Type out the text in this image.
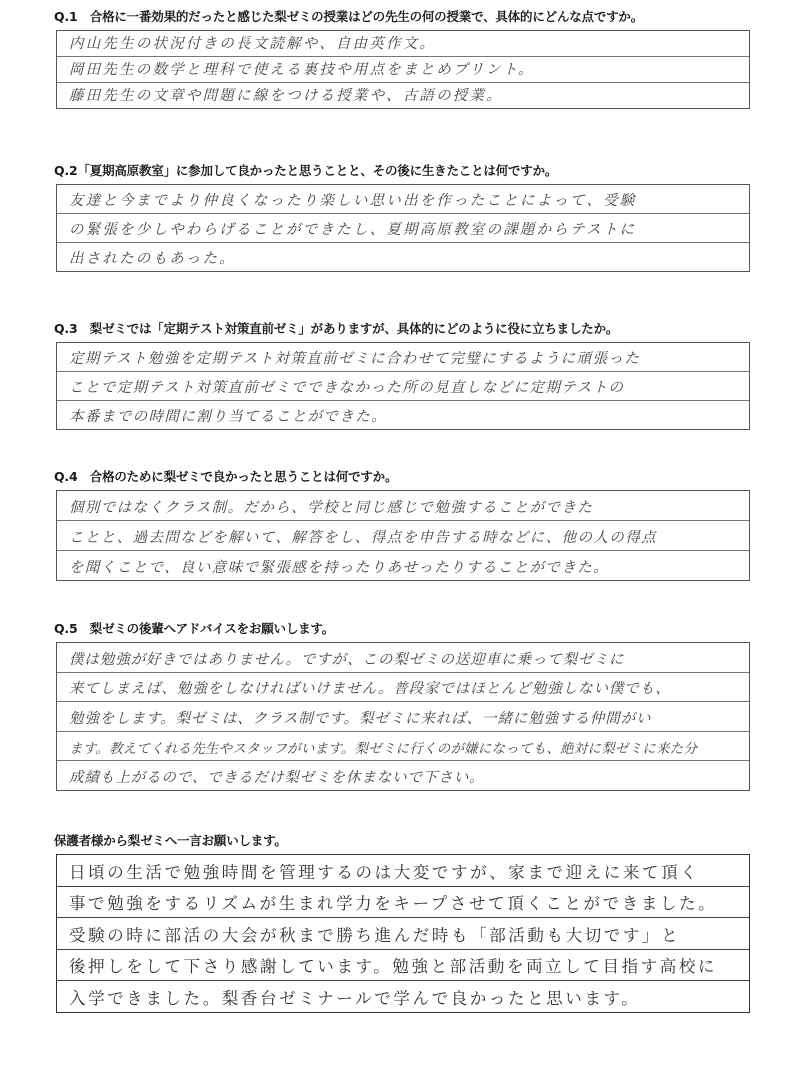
Q.1　合格に一番効果的だったと感じた梨ゼミの授業はどの先生の何の授業で、具体的にどんな点ですか。
内山先生の状況付きの長文読解や、自由英作文。
岡田先生の数学と理科で使える裏技や用点をまとめプリント。
藤田先生の文章や問題に線をつける授業や、古語の授業。
Q.2「夏期高原教室」に参加して良かったと思うことと、その後に生きたことは何ですか。
友達と今までより仲良くなったり楽しい思い出を作ったことによって、受験
の緊張を少しやわらげることができたし、夏期高原教室の課題からテストに
出されたのもあった。
Q.3　梨ゼミでは「定期テスト対策直前ゼミ」がありますが、具体的にどのように役に立ちましたか。
定期テスト勉強を定期テスト対策直前ゼミに合わせて完璧にするように頑張った
ことで定期テスト対策直前ゼミでできなかった所の見直しなどに定期テストの
本番までの時間に割り当てることができた。
Q.4　合格のために梨ゼミで良かったと思うことは何ですか。
個別ではなくクラス制。だから、学校と同じ感じで勉強することができた
ことと、過去問などを解いて、解答をし、得点を申告する時などに、他の人の得点
を聞くことで、良い意味で緊張感を持ったりあせったりすることができた。
Q.5　梨ゼミの後輩へアドバイスをお願いします。
僕は勉強が好きではありません。ですが、この梨ゼミの送迎車に乗って梨ゼミに
来てしまえば、勉強をしなければいけません。普段家ではほとんど勉強しない僕でも、
勉強をします。梨ゼミは、クラス制です。梨ゼミに来れば、一緒に勉強する仲間がい
ます。教えてくれる先生やスタッフがいます。梨ゼミに行くのが嫌になっても、絶対に梨ゼミに来た分
成績も上がるので、できるだけ梨ゼミを休まないで下さい。
保護者様から梨ゼミへ一言お願いします。
日頃の生活で勉強時間を管理するのは大変ですが、家まで迎えに来て頂く
事で勉強をするリズムが生まれ学力をキープさせて頂くことができました。
受験の時に部活の大会が秋まで勝ち進んだ時も「部活動も大切です」と
後押しをして下さり感謝しています。勉強と部活動を両立して目指す高校に
入学できました。梨香台ゼミナールで学んで良かったと思います。
